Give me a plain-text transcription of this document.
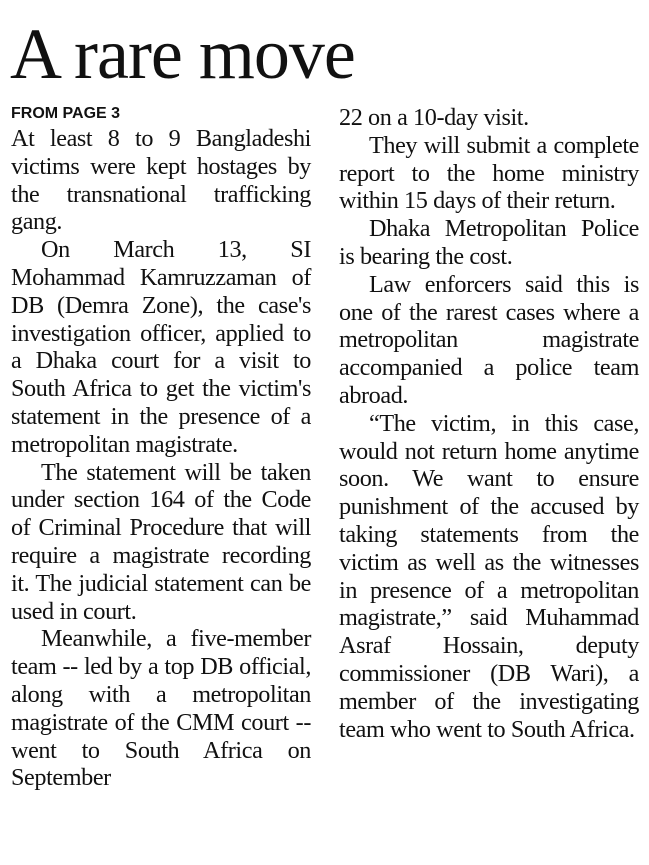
A rare move
FROM PAGE 3

At least 8 to 9 Bangladeshi victims were kept hostages by the transnational trafficking gang.

On March 13, SI Mohammad Kamruzzaman of DB (Demra Zone), the case's investigation officer, applied to a Dhaka court for a visit to South Africa to get the victim's statement in the presence of a metropolitan magistrate.

The statement will be taken under section 164 of the Code of Criminal Procedure that will require a magistrate recording it. The judicial statement can be used in court.

Meanwhile, a five-member team -- led by a top DB official, along with a metropolitan magistrate of the CMM court -- went to South Africa on September

22 on a 10-day visit.

They will submit a complete report to the home ministry within 15 days of their return.

Dhaka Metropolitan Police is bearing the cost.

Law enforcers said this is one of the rarest cases where a metropolitan magistrate accompanied a police team abroad.

“The victim, in this case, would not return home anytime soon. We want to ensure punishment of the accused by taking statements from the victim as well as the witnesses in presence of a metropolitan magistrate,” said Muhammad Asraf Hossain, deputy commissioner (DB Wari), a member of the investigating team who went to South Africa.
